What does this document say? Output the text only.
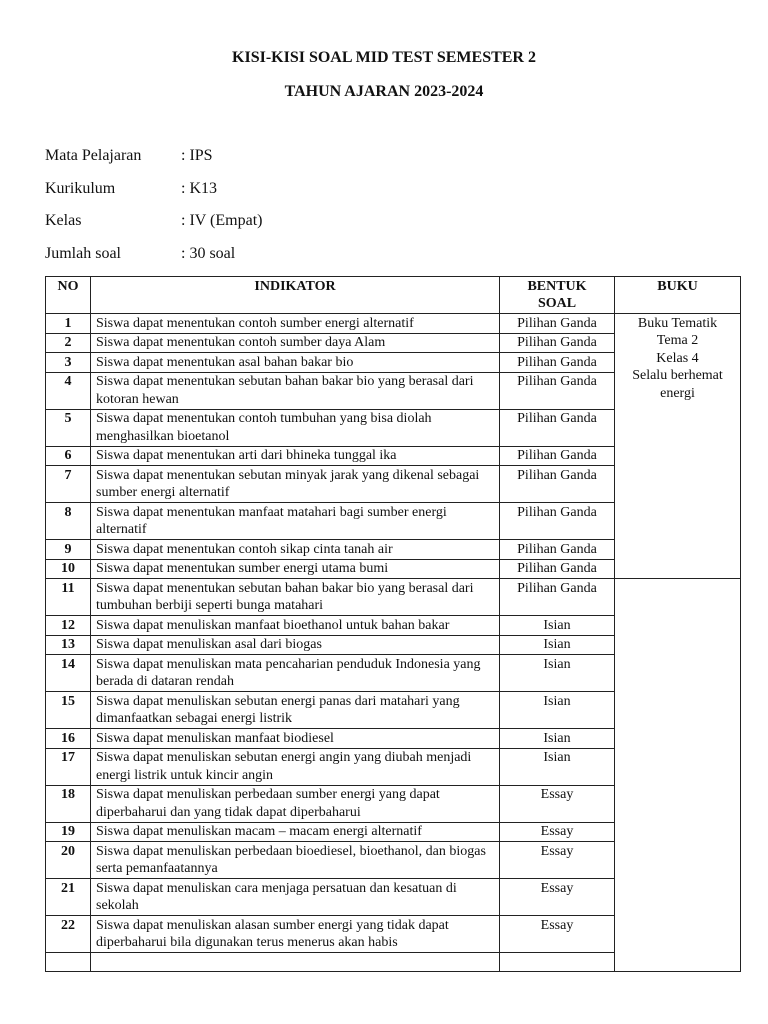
KISI-KISI SOAL MID TEST SEMESTER 2
TAHUN AJARAN 2023-2024
Mata Pelajaran : IPS
Kurikulum	: K13
Kelas	: IV (Empat)
Jumlah soal	: 30 soal
NO	INDIKATOR	BENTUK
SOAL	BUKU
1	Siswa dapat menentukan contoh sumber energi alternatif	Pilihan Ganda	Buku Tematik
Tema 2
Kelas 4
Selalu berhemat
energi

2	Siswa dapat menentukan contoh sumber daya Alam	Pilihan Ganda	
3	Siswa dapat menentukan asal bahan bakar bio	Pilihan Ganda	
4	Siswa dapat menentukan sebutan bahan bakar bio yang berasal dari kotoran hewan	Pilihan Ganda	
5	Siswa dapat menentukan contoh tumbuhan yang bisa diolah menghasilkan bioetanol	Pilihan Ganda	
6	Siswa dapat menentukan arti dari bhineka tunggal ika	Pilihan Ganda	
7	Siswa dapat menentukan sebutan minyak jarak yang dikenal sebagai sumber energi alternatif	Pilihan Ganda	
8	Siswa dapat menentukan manfaat matahari bagi sumber energi alternatif	Pilihan Ganda	
9	Siswa dapat menentukan contoh sikap cinta tanah air	Pilihan Ganda	
10	Siswa dapat menentukan sumber energi utama bumi	Pilihan Ganda	
11	Siswa dapat menentukan sebutan bahan bakar bio yang berasal dari tumbuhan berbiji seperti bunga matahari	Pilihan Ganda	
12	Siswa dapat menuliskan manfaat bioethanol untuk bahan bakar	Isian	
13	Siswa dapat menuliskan asal dari biogas	Isian	
14	Siswa dapat menuliskan mata pencaharian penduduk Indonesia yang berada di dataran rendah	Isian	
15	Siswa dapat menuliskan sebutan energi panas dari matahari yang dimanfaatkan sebagai energi listrik	Isian	
16	Siswa dapat menuliskan manfaat biodiesel	Isian	
17	Siswa dapat menuliskan sebutan energi angin yang diubah menjadi energi listrik untuk kincir angin	Isian	
18	Siswa dapat menuliskan perbedaan sumber energi yang dapat diperbaharui dan yang tidak dapat diperbaharui	Essay	
19	Siswa dapat menuliskan macam – macam energi alternatif	Essay	
20	Siswa dapat menuliskan perbedaan bioediesel, bioethanol, dan biogas serta pemanfaatannya	Essay	
21	Siswa dapat menuliskan cara menjaga persatuan dan kesatuan di sekolah	Essay	
22	Siswa dapat menuliskan alasan sumber energi yang tidak dapat diperbaharui bila digunakan terus menerus akan habis	Essay	
